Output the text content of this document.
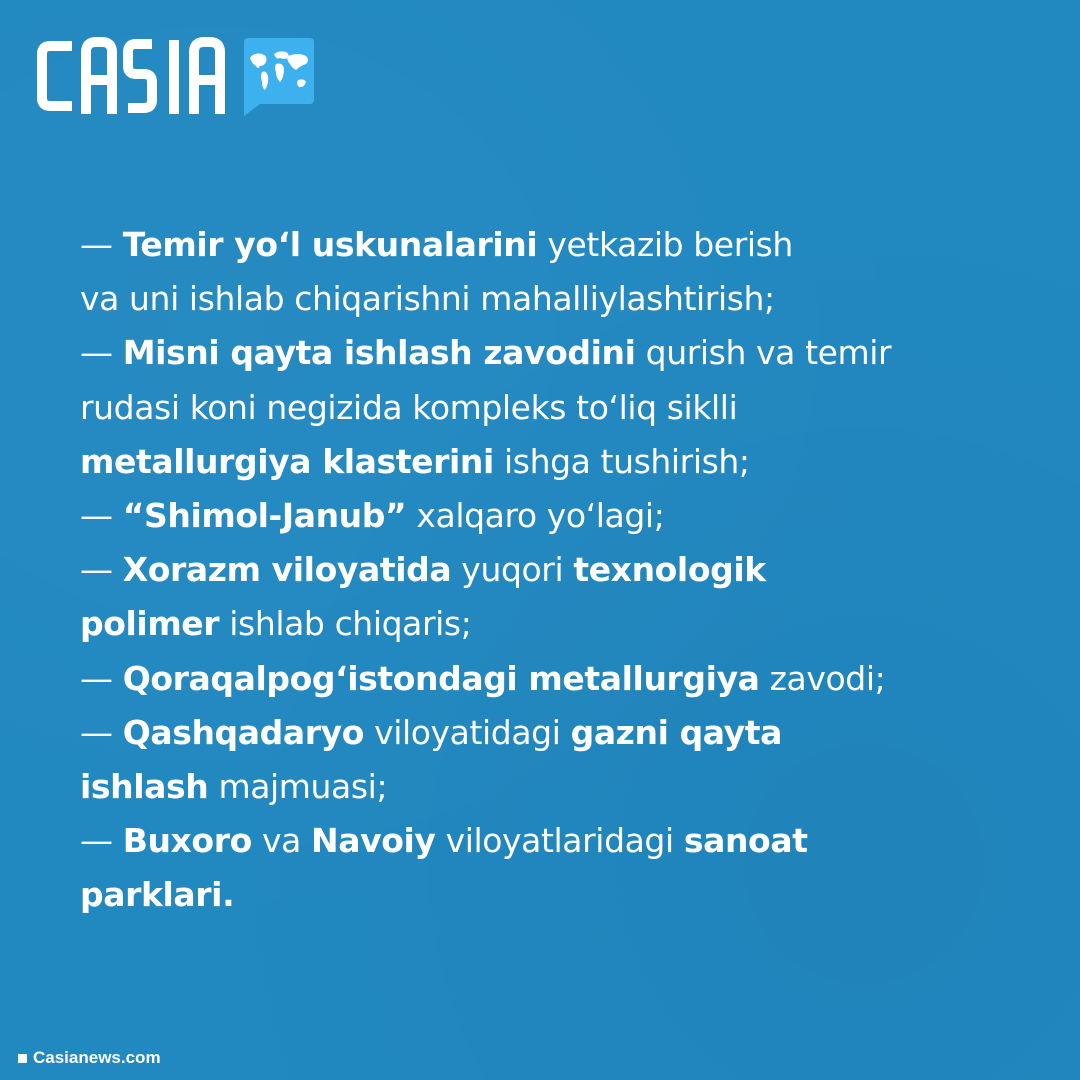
— Temir yo‘l uskunalarini yetkazib berish
va uni ishlab chiqarishni mahalliylashtirish;
— Misni qayta ishlash zavodini qurish va temir
rudasi koni negizida kompleks to‘liq siklli
metallurgiya klasterini ishga tushirish;
— “Shimol-Janub” xalqaro yo‘lagi;
— Xorazm viloyatida yuqori texnologik
polimer ishlab chiqaris;
— Qoraqalpog‘istondagi metallurgiya zavodi;
— Qashqadaryo viloyatidagi gazni qayta
ishlash majmuasi;
— Buxoro va Navoiy viloyatlaridagi sanoat
parklari.
Casianews.com
